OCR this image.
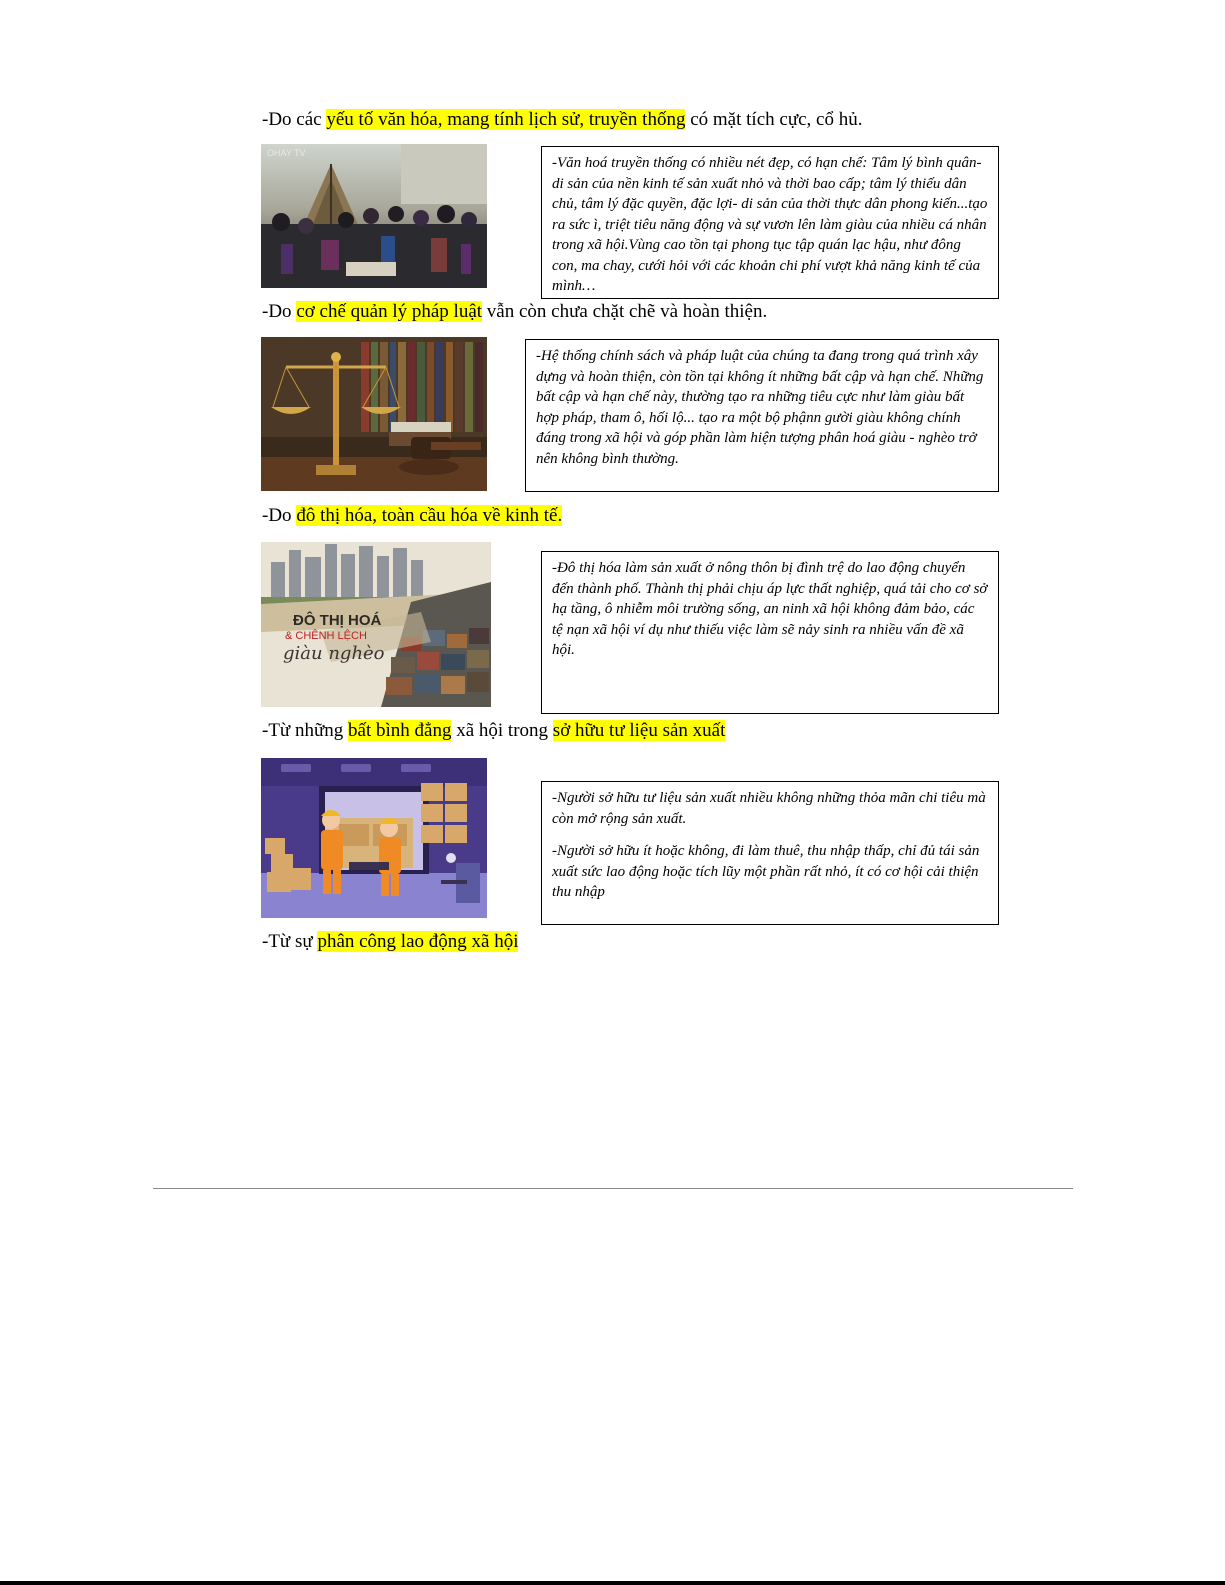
-Do các yếu tố văn hóa, mang tính lịch sử, truyền thống có mặt tích cực, cổ hủ.
OHAY TV

-Văn hoá truyền thống có nhiều nét đẹp, có hạn chế: Tâm lý bình quân- di sản của nền kinh tế sản xuất nhỏ và thời bao cấp; tâm lý thiếu dân chủ, tâm lý đặc quyền, đặc lợi- di sản của thời thực dân phong kiến...tạo ra sức ì, triệt tiêu năng động và sự vươn lên làm giàu của nhiều cá nhân trong xã hội.Vùng cao tồn tại phong tục tập quán lạc hậu, như đông con, ma chay, cưới hỏi với các khoản chi phí vượt khả năng kinh tế của mình…

-Do cơ chế quản lý pháp luật vẫn còn chưa chặt chẽ và hoàn thiện.

-Hệ thống chính sách và pháp luật của chúng ta đang trong quá trình xây dựng và hoàn thiện, còn tồn tại không ít những bất cập và hạn chế. Những bất cập và hạn chế này, thường tạo ra những tiêu cực như làm giàu bất hợp pháp, tham ô, hối lộ... tạo ra một bộ phậnn gười giàu không chính đáng trong xã hội và góp phần làm hiện tượng phân hoá giàu - nghèo trở nên không bình thường.

-Do đô thị hóa, toàn cầu hóa về kinh tế.
ĐÔ THỊ HOÁ
& CHÊNH LỆCH
giàu nghèo

-Đô thị hóa làm sản xuất ở nông thôn bị đình trệ do lao động chuyển đến thành phố. Thành thị phải chịu áp lực thất nghiệp, quá tải cho cơ sở hạ tầng, ô nhiễm môi trường sống, an ninh xã hội không đảm bảo, các tệ nạn xã hội ví dụ như thiếu việc làm sẽ nảy sinh ra nhiều vấn đề xã hội.

-Từ những bất bình đẳng xã hội trong sở hữu tư liệu sản xuất

-Người sở hữu tư liệu sản xuất nhiều không những thỏa mãn chi tiêu mà còn mở rộng sản xuất.

-Người sở hữu ít hoặc không, đi làm thuê, thu nhập thấp, chỉ đủ tái sản xuất sức lao động hoặc tích lũy một phần rất nhỏ, ít có cơ hội cải thiện thu nhập

-Từ sự phân công lao động xã hội
